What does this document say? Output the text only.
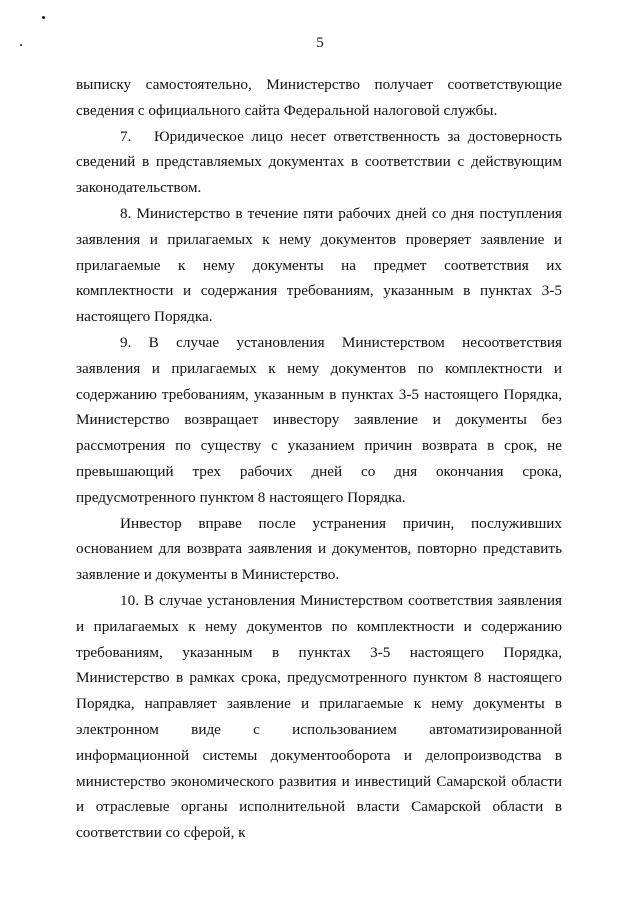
5

выписку самостоятельно, Министерство получает соответствующие сведения с официального сайта Федеральной налоговой службы.

7. Юридическое лицо несет ответственность за достоверность сведений в представляемых документах в соответствии с действующим законодательством.

8. Министерство в течение пяти рабочих дней со дня поступления заявления и прилагаемых к нему документов проверяет заявление и прилагаемые к нему документы на предмет соответствия их комплектности и содержания требованиям, указанным в пунктах 3-5 настоящего Порядка.

9. В случае установления Министерством несоответствия заявления и прилагаемых к нему документов по комплектности и содержанию требованиям, указанным в пунктах 3-5 настоящего Порядка, Министерство возвращает инвестору заявление и документы без рассмотрения по существу с указанием причин возврата в срок, не превышающий трех рабочих дней со дня окончания срока, предусмотренного пунктом 8 настоящего Порядка.

Инвестор вправе после устранения причин, послуживших основанием для возврата заявления и документов, повторно представить заявление и документы в Министерство.

10. В случае установления Министерством соответствия заявления и прилагаемых к нему документов по комплектности и содержанию требованиям, указанным в пунктах 3-5 настоящего Порядка, Министерство в рамках срока, предусмотренного пунктом 8 настоящего Порядка, направляет заявление и прилагаемые к нему документы в электронном виде с использованием автоматизированной информационной системы документооборота и делопроизводства в министерство экономического развития и инвестиций Самарской области и отраслевые органы исполнительной власти Самарской области в соответствии со сферой, к
